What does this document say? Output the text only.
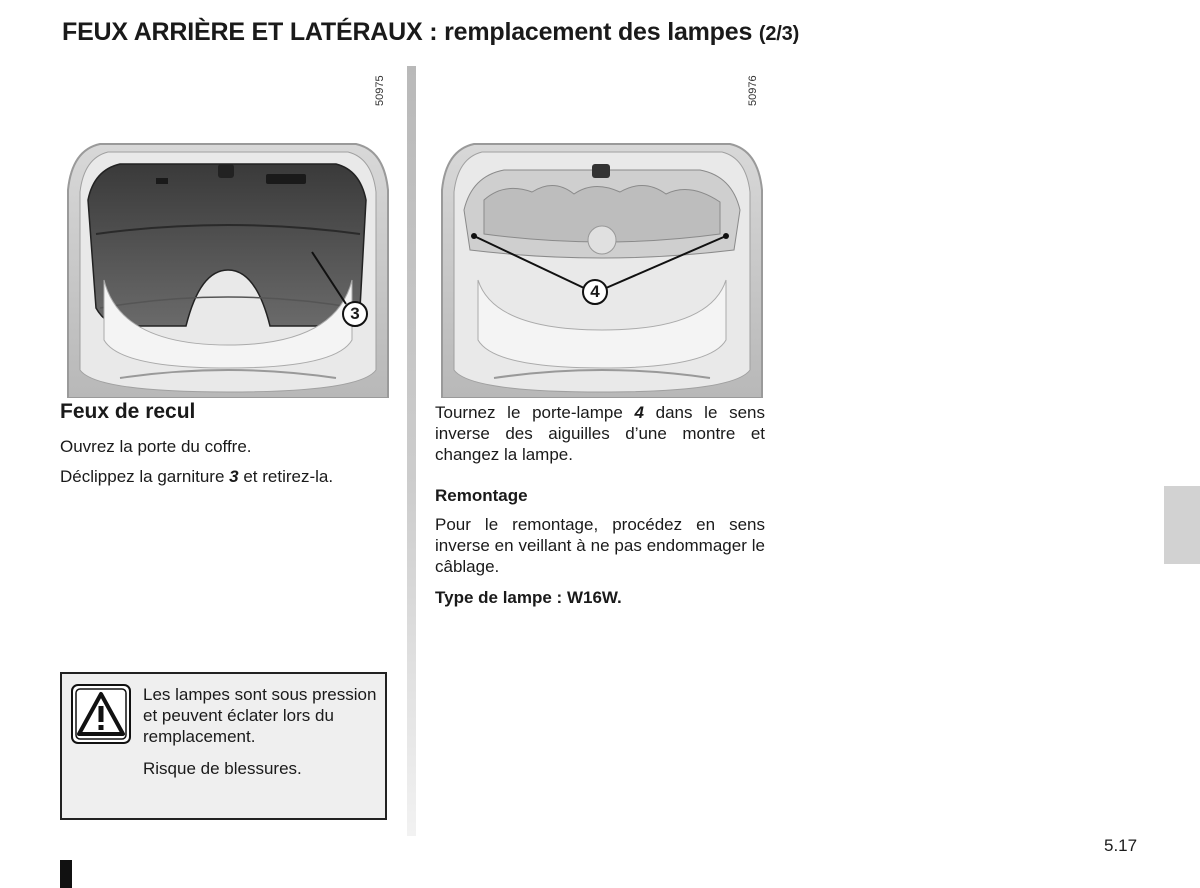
FEUX ARRIÈRE ET LATÉRAUX : remplacement des lampes (2/3)
50975	50976
3
4
Feux de recul

Ouvrez la porte du coffre.

Déclippez la garniture 3 et retirez-la.

Tournez le porte-lampe 4 dans le sens inverse des aiguilles d’une montre et changez la lampe.

Remontage

Pour le remontage, procédez en sens inverse en veillant à ne pas endommager le câblage.

Type de lampe : W16W.

Les lampes sont sous pression et peuvent éclater lors du remplacement.

Risque de blessures.

5.17
